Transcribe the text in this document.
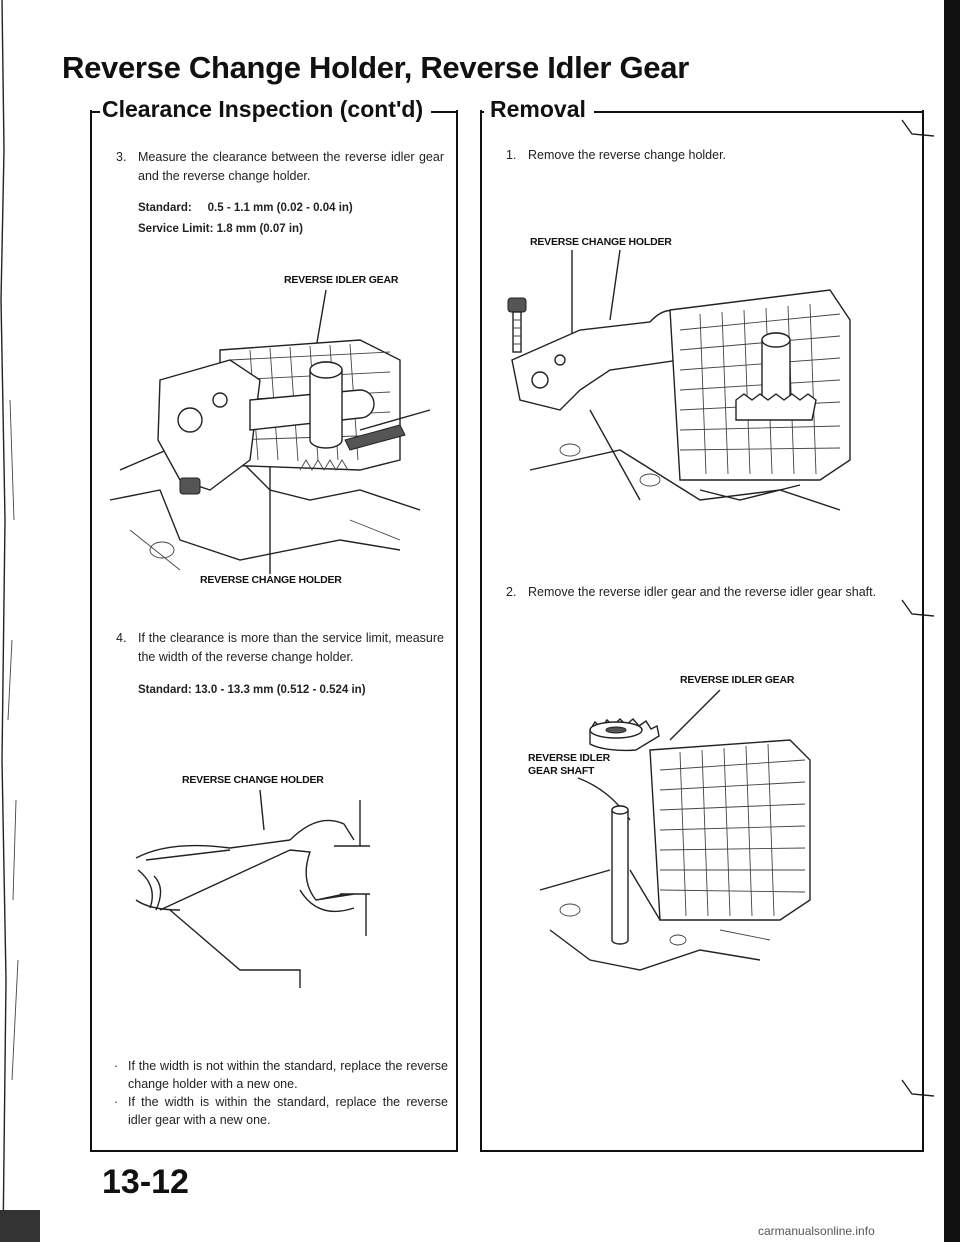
Reverse Change Holder, Reverse Idler Gear
Clearance Inspection (cont'd)	Removal
3. Measure the clearance between the reverse idler gear and the reverse change holder.
Standard:     0.5 - 1.1 mm (0.02 - 0.04 in)
Service Limit: 1.8 mm (0.07 in)
REVERSE IDLER GEAR
REVERSE CHANGE HOLDER
4. If the clearance is more than the service limit, measure the width of the reverse change holder.
Standard: 13.0 - 13.3 mm (0.512 - 0.524 in)
REVERSE CHANGE HOLDER
· If the width is not within the standard, replace the reverse change holder with a new one.
· If the width is within the standard, replace the reverse idler gear with a new one.
1. Remove the reverse change holder.
REVERSE CHANGE HOLDER
2. Remove the reverse idler gear and the reverse idler gear shaft.
REVERSE IDLER GEAR
REVERSE IDLER
GEAR SHAFT
13-12
carmanualsonline.info
